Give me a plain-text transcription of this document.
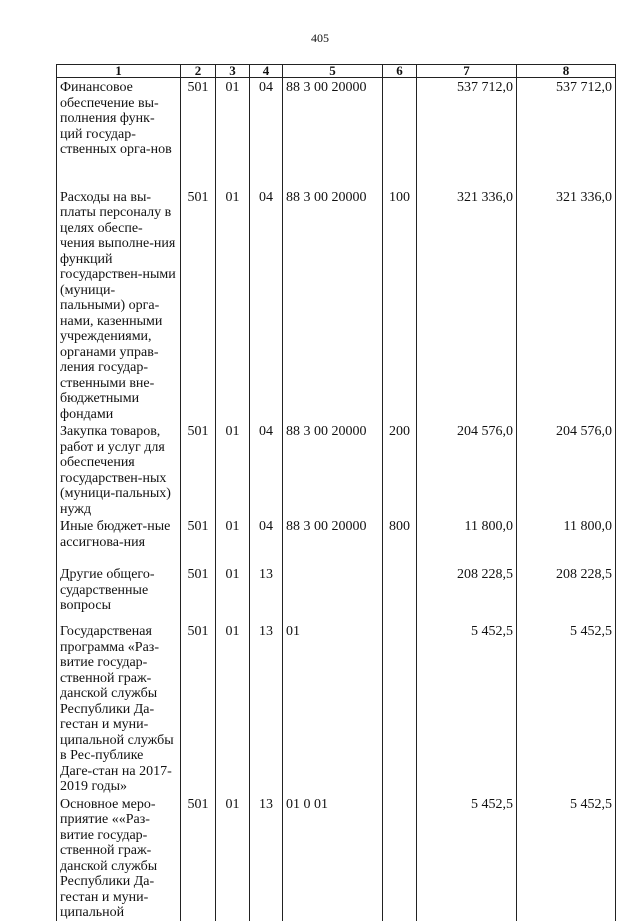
405
1	2	3	4	5	6	7	8
Финансовое обеспечение вы-полнения функ-ций государ-ственных орга-нов	501	01	04	88 3 00 20000		537 712,0	537 712,0
Расходы на вы-платы персоналу в целях обеспе-чения выполне-ния функций государствен-ными (муници-пальными) орга-нами, казенными учреждениями, органами управ-ления государ-ственными вне-бюджетными фондами	501	01	04	88 3 00 20000	100	321 336,0	321 336,0
Закупка товаров, работ и услуг для обеспечения государствен-ных (муници-пальных) нужд	501	01	04	88 3 00 20000	200	204 576,0	204 576,0
Иные бюджет-ные ассигнова-ния	501	01	04	88 3 00 20000	800	11 800,0	11 800,0
Другие общего-сударственные вопросы	501	01	13			208 228,5	208 228,5
Государственая программа «Раз-витие государ-ственной граж-данской службы Республики Да-гестан и муни-ципальной службы в Рес-публике Даге-стан на 2017-2019 годы»	501	01	13	01		5 452,5	5 452,5
Основное меро-приятие ««Раз-витие государ-ственной граж-данской службы Республики Да-гестан и муни-ципальной	501	01	13	01 0 01		5 452,5	5 452,5
